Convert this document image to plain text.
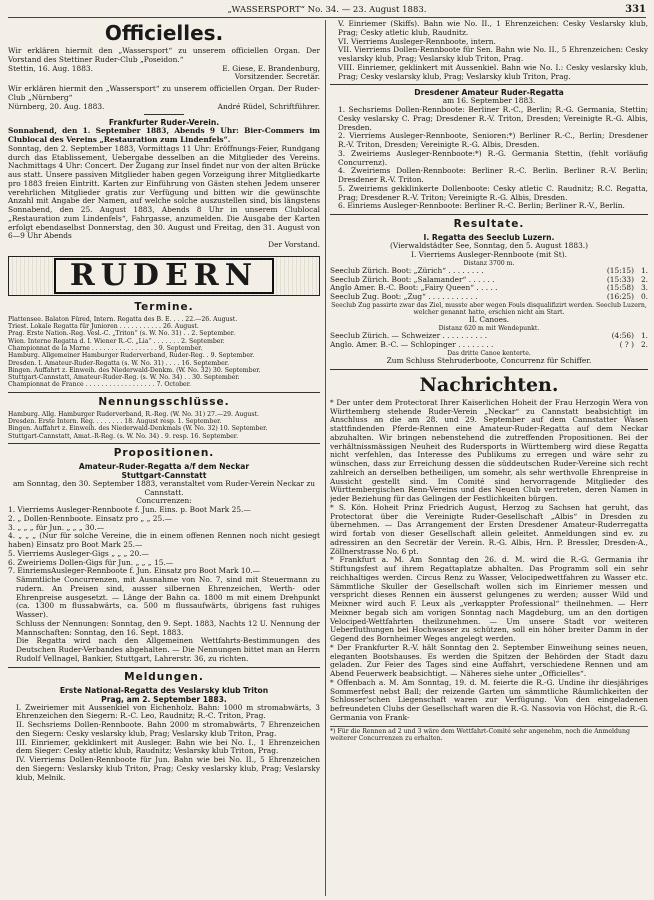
„WASSERSPORT“ No. 34. — 23. August 1883.	331
Officielles.

Wir erklären hiermit den „Wassersport“ zu unserem officiellen Organ. Der Vorstand des Stettiner Ruder-Club „Poseidon.“

Stettin, 16. Aug. 1883.	E. Giese, E. Brandenburg,
Vorsitzender. Secretär.

Wir erklären hiermit den „Wassersport“ zu unserem officiellen Organ. Der Ruder-Club „Nürnberg“

Nürnberg, 20. Aug. 1883.	André Rüdel, Schriftführer.
Frankfurter Ruder-Verein.

Sonnabend, den 1. September 1883, Abends 9 Uhr: Bier-Commers im Clublocal des Vereins „Restauration zum Lindenfels“.

Sonntag, den 2. September 1883, Vormittags 11 Uhr: Eröffnungs-Feier, Rundgang durch das Etablissement, Uebergabe desselben an die Mitglieder des Vereins. Nachmittags 4 Uhr: Concert. Der Zugang zur Insel findet nur von der alten Brücke aus statt. Unsere passiven Mitglieder haben gegen Vorzeigung ihrer Mitgliedkarte pro 1883 freien Eintritt. Karten zur Einführung von Gästen stehen Jedem unserer verehrlichen Mitglieder gratis zur Verfügung und bitten wir die gewünschte Anzahl mit Angabe der Namen, auf welche solche auszustellen sind, bis längstens Sonnabend, den 25. August 1883, Abends 8 Uhr in unserem Clublocal „Restauration zum Lindenfels“, Fahrgasse, anzumelden. Die Ausgabe der Karten erfolgt ebendaselbst Donnerstag, den 30. August und Freitag, den 31. August von 6—9 Uhr Abends

Der Vorstand.
RUDERN
Termine.

Plattensee. Balaton Füred, Intern. Regatta des B. E. . . . 22.—26. August.

Triest. Lokale Regatta für Junioren . . . . . . . . . . . 26. August.

Prag. Erste Nation.-Reg. Vesl.-C. „Triton“ (s. W. No. 31) . . 2. September.

Wien. Interne Regatta d. I. Wiener R.-C. „Lia“ . . . . . . . 2. September.

Championnat de la Marne . . . . . . . . . . . . . . . . . 9. September.

Hamburg. Allgemeiner Hamburger Ruderverband, Ruder-Reg. . 9. September.

Dresden. I. Amateur-Ruder-Regatta (s. W. No. 31) . . . . 16. September.

Bingen. Auffahrt z. Einweih. des Niederwald-Denkm. (W. No. 32) 30. September.

Stuttgart-Cannstatt, Amateur-Ruder-Reg. (s. W. No. 34) . . 30. September.

Championnat de France . . . . . . . . . . . . . . . . . . 7. October.

Nennungsschlüsse.

Hamburg. Allg. Hamburger Ruderverband, R.-Reg. (W. No. 31) 27.—29. August.

Dresden. Erste Intern. Reg. . . . . . . . 18. August resp. 1. September.

Bingen. Auffahrt z. Einweih. des Niederwald-Denkmals (W. No. 32) 10. September.

Stuttgart-Cannstatt, Amat.-R-Reg. (s. W. No. 34) . 9. resp. 16. September.

Propositionen.
Amateur-Ruder-Regatta a/f dem Neckar
Stuttgart-Cannstatt

am Sonntag, den 30. September 1883, veranstaltet vom Ruder-Verein Neckar zu Cannstatt.

Concurrenzen:

1. Vierriems Ausleger-Rennboote f. Jun. Eins. p. Boot Mark 25.—

2. „ Dollen-Rennboote. Einsatz pro „ „ 25.—

3. „ „ „ für Jun. „ „ „ 30.—

4. „ „ „ (Nur für solche Vereine, die in einem offenen Rennen noch nicht gesiegt haben) Einsatz pro Boot Mark 25.—

5. Vierriems Ausleger-Gigs „ „ „ 20.—

6. Zweiriems Dollen-Gigs für Jun. „ „ „ 15.—

7. EinriemsAusleger-Rennboote f. Jun. Einsatz pro Boot Mark 10.—

Sämmtliche Concurrenzen, mit Ausnahme von No. 7, sind mit Steuermann zu rudern. An Preisen sind, ausser silbernen Ehrenzeichen, Werth- oder Ehrenpreise ausgesetzt. — Länge der Bahn ca. 1800 m mit einem Drehpunkt (ca. 1300 m flussabwärts, ca. 500 m flussaufwärts, übrigens fast ruhiges Wasser).

Schluss der Nennungen: Sonntag, den 9. Sept. 1883, Nachts 12 U. Nennung der Mannschaften: Sonntag, den 16. Sept. 1883.

Die Regatta wird nach den Allgemeinen Wettfahrts-Bestimmungen des Deutschen Ruder-Verbandes abgehalten. — Die Nennungen bittet man an Herrn Rudolf Vellnagel, Bankier, Stuttgart, Lahrerstr. 36, zu richten.

Meldungen.
Erste National-Regatta des Veslarsky klub Triton
Prag, am 2. September 1883.

I. Zweiriemer mit Aussenkiel von Eichenholz. Bahn: 1000 m stromabwärts, 3 Ehrenzeichen den Siegern: R.-C. Leo, Raudnitz; R.-C. Triton, Prag.

II. Sechsriems Dollen-Rennboote. Bahn 2000 m stromabwärts, 7 Ehrenzeichen den Siegern: Cesky veslarsky klub, Prag; Veslarsky klub Triton, Prag.

III. Einriemer, gekklinkert mit Ausleger. Bahn wie bei No. I., 1 Ehrenzeichen dem Sieger: Cesky atletic klub, Raudnitz; Veslarsky klub Triton, Prag.

IV. Vierriems Dollen-Rennboote für Jun. Bahn wie bei No. II., 5 Ehrenzeichen den Siegern: Veslarsky klub Triton, Prag; Cesky veslarsky klub, Prag; Veslarsky klub, Melnik.

V. Einriemer (Skiffs). Bahn wie No. II., 1 Ehrenzeichen: Cesky Veslarsky klub, Prag; Cesky atletic klub, Raudnitz.

VI. Vierriems Ausleger-Rennboote, intern.

VII. Vierriems Dollen-Rennboote für Sen. Bahn wie No. II., 5 Ehrenzeichen: Cesky veslarsky klub, Prag; Veslarsky klub Triton, Prag.

VIII. Einriemer, geklinkert mit Aussenkiel. Bahn wie No. I.: Cesky veslarsky klub, Prag; Cesky veslarsky klub, Prag; Veslarsky klub Triton, Prag.

Dresdener Amateur Ruder-Regatta
am 16. September 1883.

1. Sechsriems Dollen-Rennboote: Berliner R.-C., Berlin; R.-G. Germania, Stettin; Cesky veslarsky C. Prag; Dresdener R.-V. Triton, Dresden; Vereinigte R.-G. Albis, Dresden.

2. Vierriems Ausleger-Rennboote, Senioren:*) Berliner R.-C., Berlin; Dresdener R.-V. Triton, Dresden; Vereinigte R.-G. Albis, Dresden.

3. Zweiriems Ausleger-Rennboote:*) R.-G. Germania Stettin, (fehlt vorläufig Concurrenz).

4. Zweiriems Dollen-Rennboote: Berliner R.-C. Berlin. Berliner R.-V. Berlin; Dresdener R.-V. Triton.

5. Zweiriems gekklinkerte Dollenboote: Cesky atletic C. Raudnitz; R.C. Regatta, Prag; Dresdener R.-V. Triton; Vereinigte R.-G. Albis, Dresden.

6. Einriems Ausleger-Rennboote: Berliner R.-C. Berlin; Berliner R.-V., Berlin.

Resultate.
I. Regatta des Seeclub Luzern.
(Vierwaldstädter See, Sonntag, den 5. August 1883.)
I. Vierriems Ausleger-Rennboote (mit St).
Distanz 3700 m.
Seeclub Zürich. Boot: „Zürich“ . . . . . . . .	(15:15) 1.
Seeclub Zürich. Boot: „Salamander“ . . . . . .	(15:33) 2.
Anglo Amer. B.-C. Boot: „Fairy Queen“ . . . . .	(15:58) 3.
Seeclub Zug. Boot: „Zug“ . . . . . . . . . . .	(16:25) 0.

Seeclub Zug passirte zwar das Ziel, musste aber wegen Fouls disqualifizirt werden. Seeclub Luzern, welcher genannt hatte, erschien nicht am Start.

II. Canoes.
Distanz 620 m mit Wendepunkt.
Seeclub Zürich. — Schweizer . . . . . . . . . .	(4:56) 1.
Anglo. Amer. B.-C. — Schlopinger . . . . . . . .	( ? ) 2.
Das dritte Canoe kenterte.
Zum Schluss Stehruderboote, Concurrenz für Schiffer.
Nachrichten.

* Der unter dem Protectorat Ihrer Kaiserlichen Hoheit der Frau Herzogin Wera von Württemberg stehende Ruder-Verein „Neckar“ zu Cannstatt beabsichtigt im Anschluss an die am 28. und 29. September auf dem Cannstatter Wasen stattfindenden Pferde-Rennen eine Amateur-Ruder-Regatta auf dem Neckar abzuhalten. Wir bringen nebenstehend die zutreffenden Propositionen. Bei der verhältnissmässigen Neuheit des Rudersports in Württemberg wird diese Regatta nicht verfehlen, das Interesse des Publikums zu erregen und wäre sehr zu wünschen, dass zur Erreichung dessen die süddeutschen Ruder-Vereine sich recht zahlreich an derselben betheiligen, um somehr, als sehr werthvolle Ehrenpreise in Aussicht gestellt sind. Im Comité sind hervorragende Mitglieder des Württembergischen Renn-Vereins und des Neuen Club vertreten, deren Namen in jeder Beziehung für das Gelingen der Festlichkeiten bürgen.

* S. Kön. Hoheit Prinz Friedrich August, Herzog zu Sachsen hat geruht, das Protectorat über die Vereinigte Ruder-Gesellschaft „Albis“ in Dresden zu übernehmen. — Das Arrangement der Ersten Dresdener Amateur-Ruderregatta wird fortab von dieser Gesellschaft allein geleitet. Anmeldungen sind ev. zu adressiren an den Secretär der Verein. R.-G. Albis, Hrn. P. Bressler, Dresden-A., Zöllnerstrasse No. 6 pt.

* Frankfurt a. M. Am Sonntag den 26. d. M. wird die R.-G. Germania ihr Stiftungsfest auf ihrem Regattaplatze abhalten. Das Programm soll ein sehr reichhaltiges werden. Circus Renz zu Wasser, Velocipedwettfahren zu Wasser etc. Sämmtliche Skuller der Gesellschaft wollen sich im Einriemer messen und verspricht dieses Rennen ein äusserst gelungenes zu werden; ausser Wild und Meixner wird auch F. Leux als „verkappter Professional“ theilnehmen. — Herr Meixner begab sich am vorigen Sonntag nach Magdeburg, um an den dortigen Velociped-Wettfahrten theilzunehmen. — Um unsere Stadt vor weiteren Ueberfluthungen bei Hochwasser zu schützen, soll ein höher breiter Damm in der Gegend des Bornheimer Weges angelegt werden.

* Der Frankfurter R.-V. hält Sonntag den 2. September Einweihung seines neuen, eleganten Bootshauses. Es werden die Spitzen der Behörden der Stadt dazu geladen. Zur Feier des Tages sind eine Auffahrt, verschiedene Rennen und am Abend Feuerwerk beabsichtigt. — Näheres siehe unter „Officielles“.

* Offenbach a. M. Am Sonntag, 19. d. M. feierte die R.-G. Undine ihr diesjähriges Sommerfest nebst Ball; der reizende Garten um sämmtliche Räumlichkeiten der Schlosser'schen Liegenschaft waren zur Verfügung. Von den eingeladenen befreundeten Clubs der Gesellschaft waren die R.-G. Nassovia von Höchst, die R.-G. Germania von Frank-

*) Für die Rennen ad 2 und 3 wäre dem Wettfahrt-Comité sehr angenehm, noch die Anmeldung weiterer Concurrenzen zu erhalten.
